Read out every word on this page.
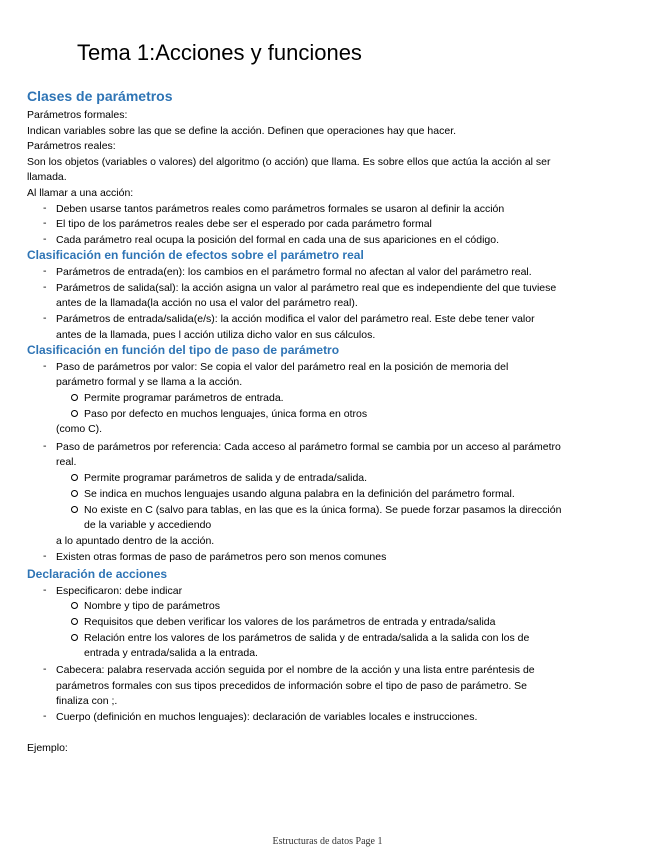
Tema 1:Acciones y funciones
Clases de parámetros
Parámetros formales:
Indican variables sobre las que se define la acción. Definen que operaciones hay que hacer.
Parámetros reales:
Son los objetos (variables o valores) del algoritmo (o acción) que llama. Es sobre ellos que actúa la acción al ser
llamada.
Al llamar a una acción:
- Deben usarse tantos parámetros reales como parámetros formales se usaron al definir la acción
- El tipo de los parámetros reales debe ser el esperado por cada parámetro formal
- Cada parámetro real ocupa la posición del formal en cada una de sus apariciones en el código.
Clasificación en función de efectos sobre el parámetro real
- Parámetros de entrada(en): los cambios en el parámetro formal no afectan al valor del parámetro real.
- Parámetros de salida(sal): la acción asigna un valor al parámetro real que es independiente del que tuviese
antes de la llamada(la acción no usa el valor del parámetro real).
- Parámetros de entrada/salida(e/s): la acción modifica el valor del parámetro real. Este debe tener valor
antes de la llamada, pues l acción utiliza dicho valor en sus cálculos.
Clasificación en función del tipo de paso de parámetro
- Paso de parámetros por valor: Se copia el valor del parámetro real en la posición de memoria del
parámetro formal y se llama a la acción.
Permite programar parámetros de entrada.
Paso por defecto en muchos lenguajes, única forma en otros
(como C).
- Paso de parámetros por referencia: Cada acceso al parámetro formal se cambia por un acceso al parámetro
real.
Permite programar parámetros de salida y de entrada/salida.
Se indica en muchos lenguajes usando alguna palabra en la definición del parámetro formal.
No existe en C (salvo para tablas, en las que es la única forma). Se puede forzar pasamos la dirección
de la variable y accediendo
a lo apuntado dentro de la acción.
- Existen otras formas de paso de parámetros pero son menos comunes
Declaración de acciones
- Especificaron: debe indicar
Nombre y tipo de parámetros
Requisitos que deben verificar los valores de los parámetros de entrada y entrada/salida
Relación entre los valores de los parámetros de salida y de entrada/salida a la salida con los de
entrada y entrada/salida a la entrada.
- Cabecera: palabra reservada acción seguida por el nombre de la acción y una lista entre paréntesis de
parámetros formales con sus tipos precedidos de información sobre el tipo de paso de parámetro. Se
finaliza con ;.
- Cuerpo (definición en muchos lenguajes): declaración de variables locales e instrucciones.
Ejemplo:
Estructuras de datos Page 1
